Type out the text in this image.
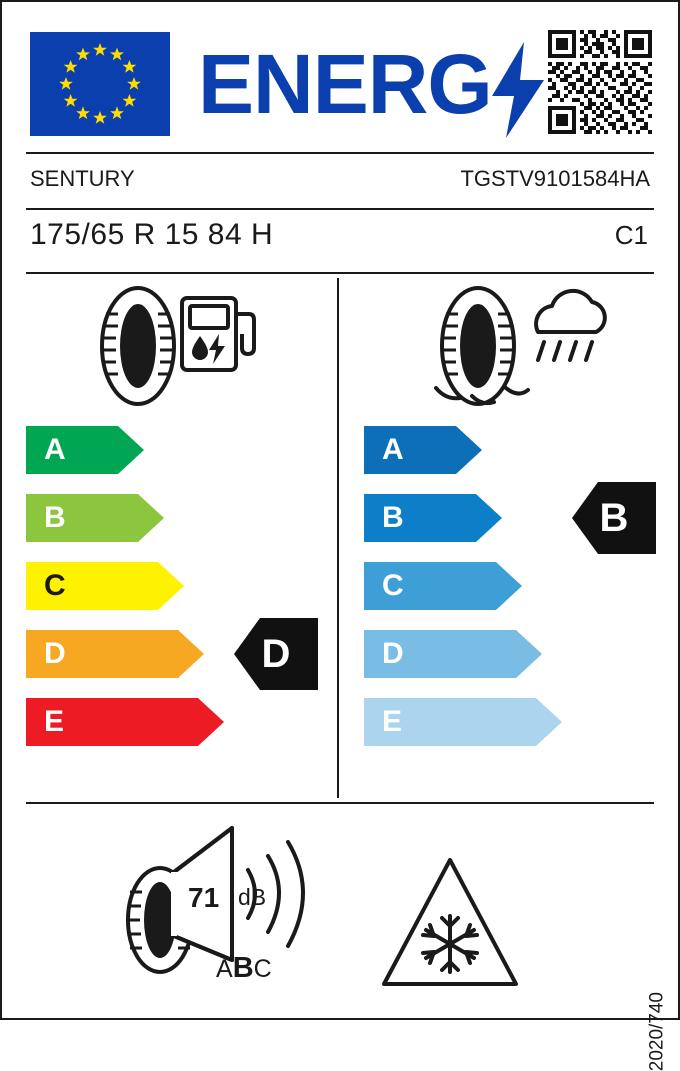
ENERG
SENTURY	TGSTV9101584HA
175/65 R 15 84 H	C1
A
B
C
D
E
D
A
B
C
D
E
B
71 dB
ABC
2020/740
